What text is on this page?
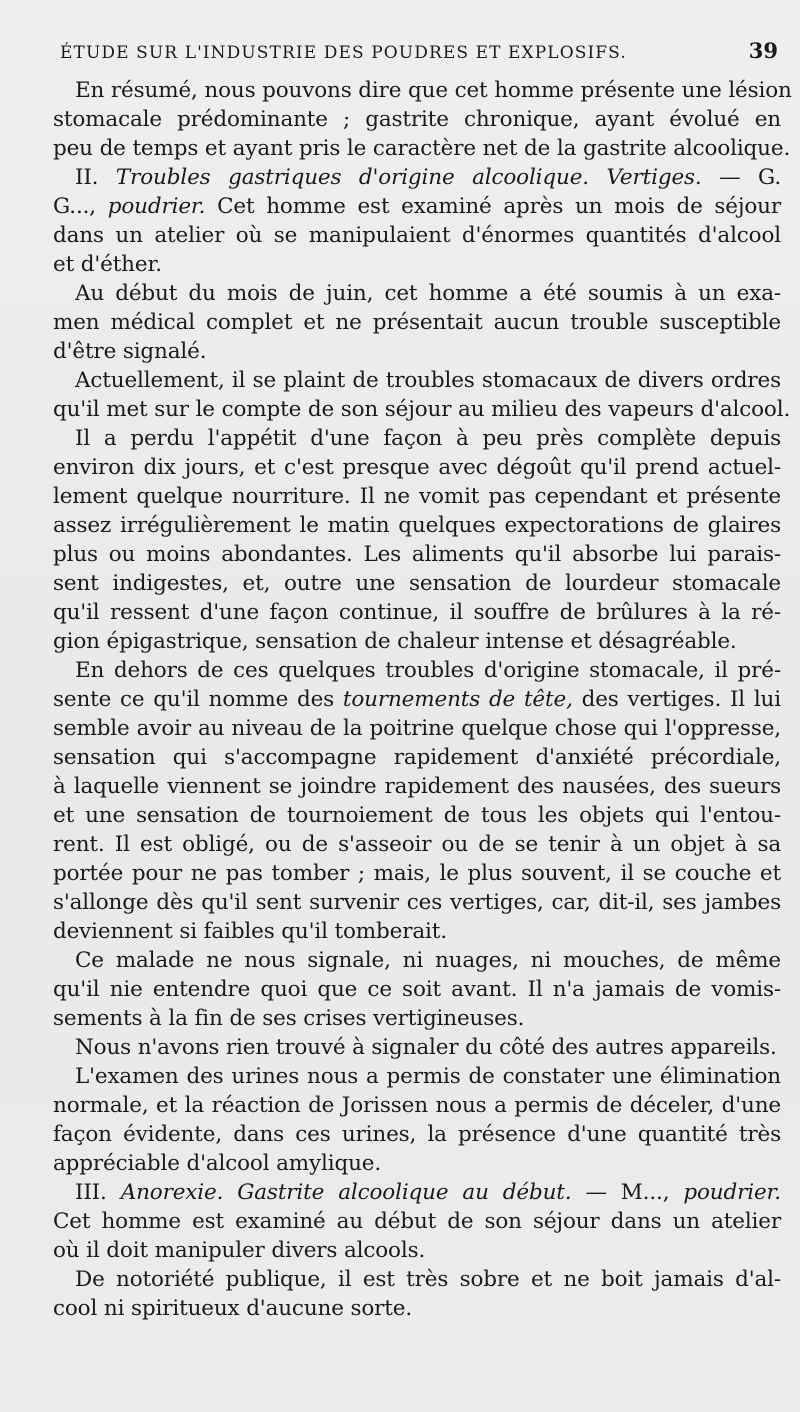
ÉTUDE SUR L'INDUSTRIE DES POUDRES ET EXPLOSIFS.	39
En résumé, nous pouvons dire que cet homme présente une lésion
stomacale prédominante ; gastrite chronique, ayant évolué en
peu de temps et ayant pris le caractère net de la gastrite alcoolique.
II. Troubles gastriques d'origine alcoolique. Vertiges. — G.
G..., poudrier. Cet homme est examiné après un mois de séjour
dans un atelier où se manipulaient d'énormes quantités d'alcool
et d'éther.
Au début du mois de juin, cet homme a été soumis à un exa-
men médical complet et ne présentait aucun trouble susceptible
d'être signalé.
Actuellement, il se plaint de troubles stomacaux de divers ordres
qu'il met sur le compte de son séjour au milieu des vapeurs d'alcool.
Il a perdu l'appétit d'une façon à peu près complète depuis
environ dix jours, et c'est presque avec dégoût qu'il prend actuel-
lement quelque nourriture. Il ne vomit pas cependant et présente
assez irrégulièrement le matin quelques expectorations de glaires
plus ou moins abondantes. Les aliments qu'il absorbe lui parais-
sent indigestes, et, outre une sensation de lourdeur stomacale
qu'il ressent d'une façon continue, il souffre de brûlures à la ré-
gion épigastrique, sensation de chaleur intense et désagréable.
En dehors de ces quelques troubles d'origine stomacale, il pré-
sente ce qu'il nomme des tournements de tête, des vertiges. Il lui
semble avoir au niveau de la poitrine quelque chose qui l'oppresse,
sensation qui s'accompagne rapidement d'anxiété précordiale,
à laquelle viennent se joindre rapidement des nausées, des sueurs
et une sensation de tournoiement de tous les objets qui l'entou-
rent. Il est obligé, ou de s'asseoir ou de se tenir à un objet à sa
portée pour ne pas tomber ; mais, le plus souvent, il se couche et
s'allonge dès qu'il sent survenir ces vertiges, car, dit-il, ses jambes
deviennent si faibles qu'il tomberait.
Ce malade ne nous signale, ni nuages, ni mouches, de même
qu'il nie entendre quoi que ce soit avant. Il n'a jamais de vomis-
sements à la fin de ses crises vertigineuses.
Nous n'avons rien trouvé à signaler du côté des autres appareils.
L'examen des urines nous a permis de constater une élimination
normale, et la réaction de Jorissen nous a permis de déceler, d'une
façon évidente, dans ces urines, la présence d'une quantité très
appréciable d'alcool amylique.
III. Anorexie. Gastrite alcoolique au début. — M..., poudrier.
Cet homme est examiné au début de son séjour dans un atelier
où il doit manipuler divers alcools.
De notoriété publique, il est très sobre et ne boit jamais d'al-
cool ni spiritueux d'aucune sorte.
